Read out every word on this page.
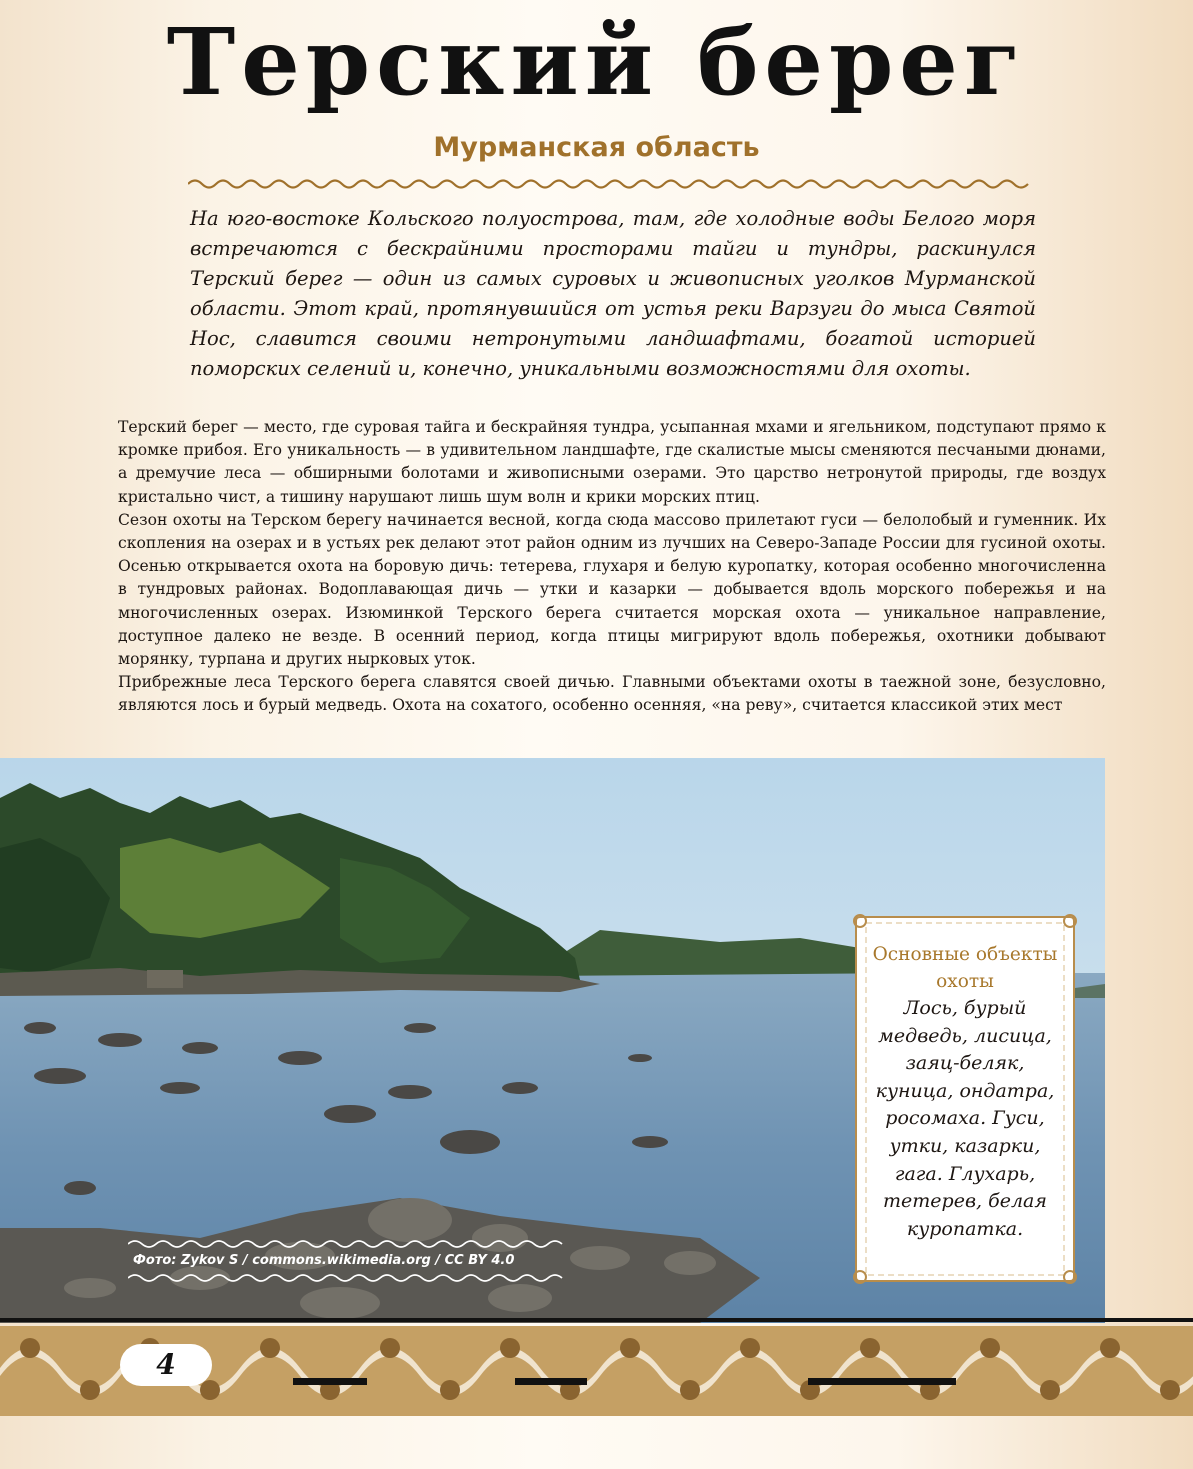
Терский берег
Мурманская область

На юго-востоке Кольского полуострова, там, где холодные воды Белого моря встречаются с бескрайними просторами тайги и тундры, раскинулся Терский берег — один из самых суровых и живописных уголков Мурманской области. Этот край, протянувшийся от устья реки Варзуги до мыса Святой Нос, славится своими нетронутыми ландшафтами, богатой историей поморских селений и, конечно, уникальными возможностями для охоты.

Терский берег — место, где суровая тайга и бескрайняя тундра, усыпанная мхами и ягельником, подступают прямо к кромке прибоя. Его уникальность — в удивительном ландшафте, где скалистые мысы сменяются песчаными дюнами, а дремучие леса — обширными болотами и живописными озерами. Это царство нетронутой природы, где воздух кристально чист, а тишину нарушают лишь шум волн и крики морских птиц.

Сезон охоты на Терском берегу начинается весной, когда сюда массово прилетают гуси — белолобый и гуменник. Их скопления на озерах и в устьях рек делают этот район одним из лучших на Северо-Западе России для гусиной охоты. Осенью открывается охота на боровую дичь: тетерева, глухаря и белую куропатку, которая особенно многочисленна в тундровых районах. Водоплавающая дичь — утки и казарки — добывается вдоль морского побережья и на многочисленных озерах. Изюминкой Терского берега считается морская охота — уникальное направление, доступное далеко не везде. В осенний период, когда птицы мигрируют вдоль побережья, охотники добывают морянку, турпана и других нырковых уток.

Прибрежные леса Терского берега славятся своей дичью. Главными объектами охоты в таежной зоне, безусловно, являются лось и бурый медведь. Охота на сохатого, особенно осенняя, «на реву», считается классикой этих мест

Фото: Zykov S / commons.wikimedia.org / CC BY 4.0

Основные объекты охоты

Лось, бурый медведь, лисица, заяц-беляк, куница, ондатра, росомаха. Гуси, утки, казарки, гага. Глухарь, тетерев, белая куропатка.

4
